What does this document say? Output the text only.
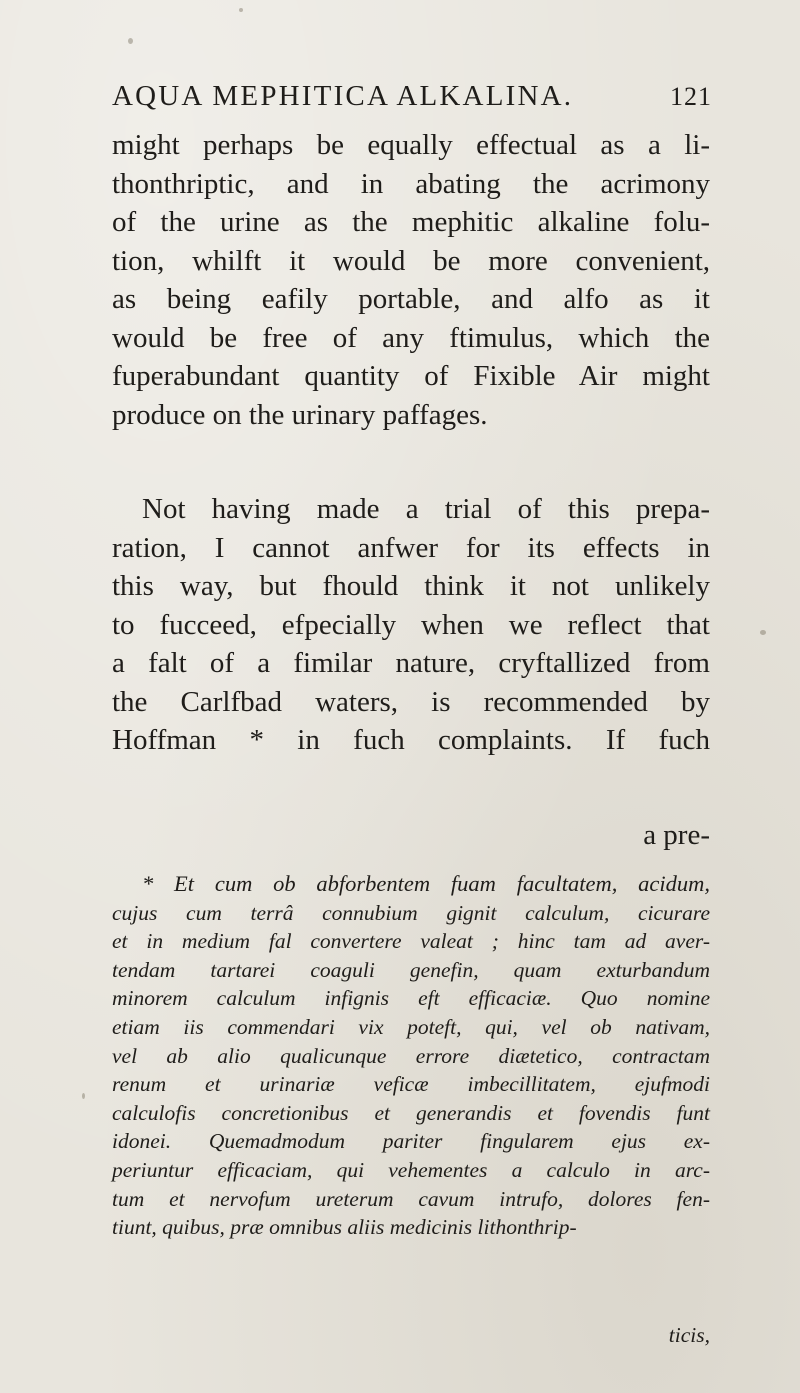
AQUA MEPHITICA ALKALINA.	121
might perhaps be equally effectual as a li-
thonthriptic, and in abating the acrimony
of the urine as the mephitic alkaline folu-
tion, whilft it would be more convenient,
as being eafily portable, and alfo as it
would be free of any ftimulus, which the
fuperabundant quantity of Fixible Air might
produce on the urinary paffages.
Not having made a trial of this prepa-
ration, I cannot anfwer for its effects in
this way, but fhould think it not unlikely
to fucceed, efpecially when we reflect that
a falt of a fimilar nature, cryftallized from
the Carlfbad waters, is recommended by
Hoffman * in fuch complaints. If fuch
a pre-
* Et cum ob abforbentem fuam facultatem, acidum,
cujus cum terrâ connubium gignit calculum, cicurare
et in medium fal convertere valeat ; hinc tam ad aver-
tendam tartarei coaguli genefin, quam exturbandum
minorem calculum infignis eft efficaciæ. Quo nomine
etiam iis commendari vix poteft, qui, vel ob nativam,
vel ab alio qualicunque errore diætetico, contractam
renum et urinariæ veficæ imbecillitatem, ejufmodi
calculofis concretionibus et generandis et fovendis funt
idonei. Quemadmodum pariter fingularem ejus ex-
periuntur efficaciam, qui vehementes a calculo in arc-
tum et nervofum ureterum cavum intrufo, dolores fen-
tiunt, quibus, præ omnibus aliis medicinis lithonthrip-
ticis,
